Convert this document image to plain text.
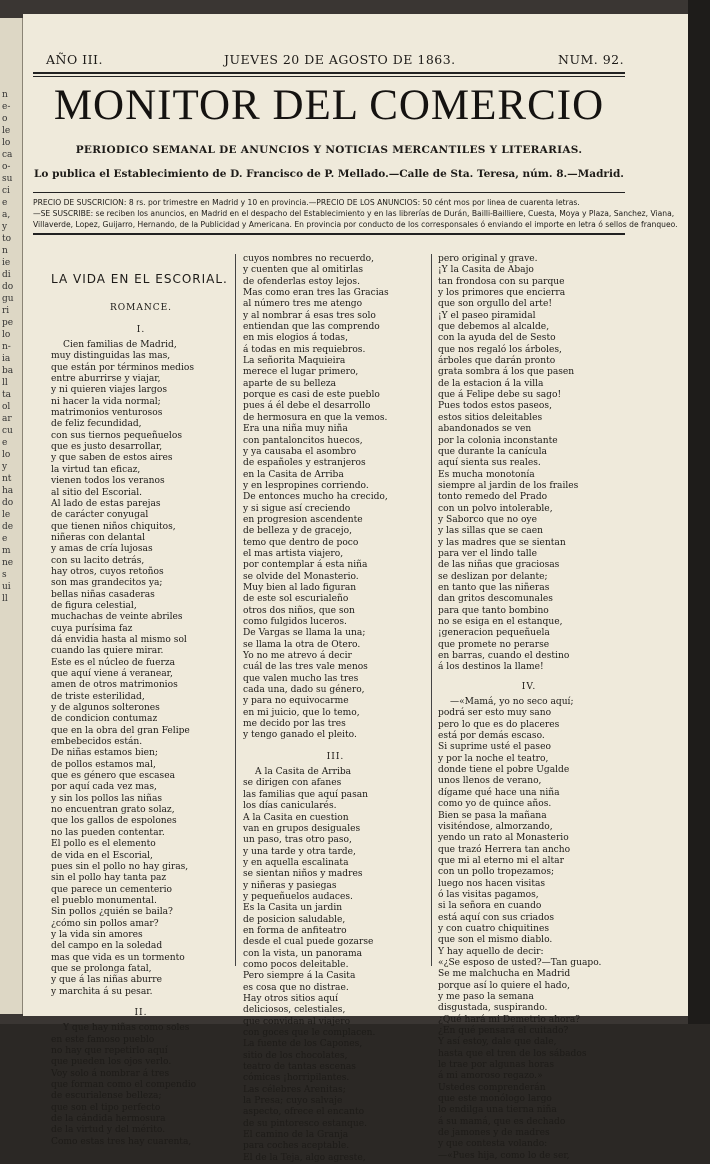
n
e-
o
le
lo
ca
o-
su
ci
e
a,
y
to
n
ie
di
do
gu
ri
pe
lo
n-
ia
ba
ll
ta
ol
ar
cu
e
lo
y
nt
ha
do
le
de
e
m
ne
s
ui
ll
AÑO III.	JUEVES 20 DE AGOSTO DE 1863.	NUM. 92.
MONITOR DEL COMERCIO
PERIODICO SEMANAL DE ANUNCIOS Y NOTICIAS MERCANTILES Y LITERARIAS.
Lo publica el Establecimiento de D. Francisco de P. Mellado.—Calle de Sta. Teresa, núm. 8.—Madrid.

PRECIO DE SUSCRICION: 8 rs. por trimestre en Madrid y 10 en provincia.—PRECIO DE LOS ANUNCIOS: 50 cént mos por linea de cuarenta letras.

—SE SUSCRIBE: se reciben los anuncios, en Madrid en el despacho del Establecimiento y en las librerías de Durán, Bailli-Bailliere, Cuesta, Moya y Plaza, Sanchez, Viana,

Villaverde, Lopez, Guijarro, Hernando, de la Publicidad y Americana. En provincia por conducto de los corresponsales ó enviando el importe en letra ó sellos de franqueo.

LA VIDA EN EL ESCORIAL.
ROMANCE.
I.
Cien familias de Madrid,
muy distinguidas las mas,
que están por términos medios
entre aburrirse y viajar,
y ni quieren viajes largos
ni hacer la vida normal;
matrimonios venturosos
de feliz fecundidad,
con sus tiernos pequeñuelos
que es justo desarrollar,
y que saben de estos aires
la virtud tan eficaz,
vienen todos los veranos
al sitio del Escorial.
Al lado de estas parejas
de carácter conyugal
que tienen niños chiquitos,
niñeras con delantal
y amas de cría lujosas
con su lacito detrás,
hay otros, cuyos retoños
son mas grandecitos ya;
bellas niñas casaderas
de figura celestial,
muchachas de veinte abriles
cuya purísima faz
dá envidia hasta al mismo sol
cuando las quiere mirar.
Este es el núcleo de fuerza
que aquí viene á veranear,
amen de otros matrimonios
de triste esterilidad,
y de algunos solterones
de condicion contumaz
que en la obra del gran Felipe
embebecidos están.
De niñas estamos bien;
de pollos estamos mal,
que es género que escasea
por aquí cada vez mas,
y sin los pollos las niñas
no encuentran grato solaz,
que los gallos de espolones
no las pueden contentar.
El pollo es el elemento
de vida en el Escorial,
pues sin el pollo no hay giras,
sin el pollo hay tanta paz
que parece un cementerio
el pueblo monumental.
Sin pollos ¿quién se baila?
¿cómo sin pollos amar?
y la vida sin amores
del campo en la soledad
mas que vida es un tormento
que se prolonga fatal,
y que á las niñas aburre
y marchita á su pesar.
II.
Y que hay niñas como soles
en este famoso pueblo
no hay que repetirlo aquí
que pueden los ojos verlo.
Voy solo á nombrar á tres
que forman como el compendio
de escurialense belleza;
que son el tipo perfecto
de la cándida hermosura
de la virtud y del mérito.
Como estas tres hay cuarenta,
cuyos nombres no recuerdo,
y cuenten que al omitirlas
de ofenderlas estoy lejos.
Mas como eran tres las Gracias
al número tres me atengo
y al nombrar á esas tres solo
entiendan que las comprendo
en mis elogios á todas,
á todas en mis requiebros.
La señorita Maquieira
merece el lugar primero,
aparte de su belleza
porque es casi de este pueblo
pues á él debe el desarrollo
de hermosura en que la vemos.
Era una niña muy niña
con pantaloncitos huecos,
y ya causaba el asombro
de españoles y estranjeros
en la Casita de Arriba
y en lespropines corriendo.
De entonces mucho ha crecido,
y si sigue así creciendo
en progresion ascendente
de belleza y de gracejo,
temo que dentro de poco
el mas artista viajero,
por contemplar á esta niña
se olvide del Monasterio.
Muy bien al lado figuran
de este sol escurialeño
otros dos niños, que son
como fulgidos luceros.
De Vargas se llama la una;
se llama la otra de Otero.
Yo no me atrevo á decir
cuál de las tres vale menos
que valen mucho las tres
cada una, dado su género,
y para no equivocarme
en mi juicio, que lo temo,
me decido por las tres
y tengo ganado el pleito.
III.
A la Casita de Arriba
se dirigen con afanes
las familias que aquí pasan
los días canicularés.
A la Casita en cuestion
van en grupos desiguales
un paso, tras otro paso,
y una tarde y otra tarde,
y en aquella escalinata
se sientan niños y madres
y niñeras y pasiegas
y pequeñuelos audaces.
Es la Casita un jardin
de posicion saludable,
en forma de anfiteatro
desde el cual puede gozarse
con la vista, un panorama
como pocos deleitable.
Pero siempre á la Casita
es cosa que no distrae.
Hay otros sitios aquí
deliciosos, celestiales,
que convidan al viajero
con goces que le complacen.
La fuente de los Capones,
sitio de los chocolates,
teatro de tantas escenas
cómicas ¡horripilantes.
Las célebres Arenitas;
la Presa; cuyo salvaje
aspecto, ofrece el encanto
de su pintoresco estanque.
El camino de la Granja
para coches aceptable.
El de la Teja, algo agreste,
pero original y grave.
¡Y la Casita de Abajo
tan frondosa con su parque
y los primores que encierra
que son orgullo del arte!
¡Y el paseo piramidal
que debemos al alcalde,
con la ayuda del de Sesto
que nos regaló los árboles,
árboles que darán pronto
grata sombra á los que pasen
de la estacion á la villa
que á Felipe debe su sago!
Pues todos estos paseos,
estos sitios deleitables
abandonados se ven
por la colonia inconstante
que durante la canícula
aquí sienta sus reales.
Es mucha monotonía
siempre al jardin de los frailes
tonto remedo del Prado
con un polvo intolerable,
y Saborco que no oye
y las sillas que se caen
y las madres que se sientan
para ver el lindo talle
de las niñas que graciosas
se deslizan por delante;
en tanto que las niñeras
dan gritos descomunales
para que tanto bombino
no se esiga en el estanque,
¡generacion pequeñuela
que promete no perarse
en barras, cuando el destino
á los destinos la llame!
IV.
—«Mamá, yo no seco aquí;
podrá ser esto muy sano
pero lo que es do placeres
está por demás escaso.
Si suprime usté el paseo
y por la noche el teatro,
donde tiene el pobre Ugalde
unos llenos de verano,
dígame qué hace una niña
como yo de quince años.
Bien se pasa la mañana
visiténdose, almorzando,
yendo un rato al Monasterio
que trazó Herrera tan ancho
que mi al eterno mi el altar
con un pollo tropezamos;
luego nos hacen visitas
ó las visitas pagamos,
si la señora en cuando
está aquí con sus criados
y con cuatro chiquitines
que son el mismo diablo.
Y hay aquello de decir:
«¿Se esposo de usted?—Tan guapo.
Se me malchucha en Madrid
porque así lo quiere el hado,
y me paso la semana
disgustada, suspirando.
¿Qué hará mi Demetrio ahora?
¿En qué pensará el cuitado?
Y así estoy, dale que dale,
hasta que el tren de los sábados
le trae por algunas horas
á mi amoroso regazo.»
Ustedes comprenderán
que este monólogo largo
lo endilga una tierna niña
á su mamá, que es dechado
de jamones y de madres
y que contesta volando:
—«Pues hija, como lo de ser,
